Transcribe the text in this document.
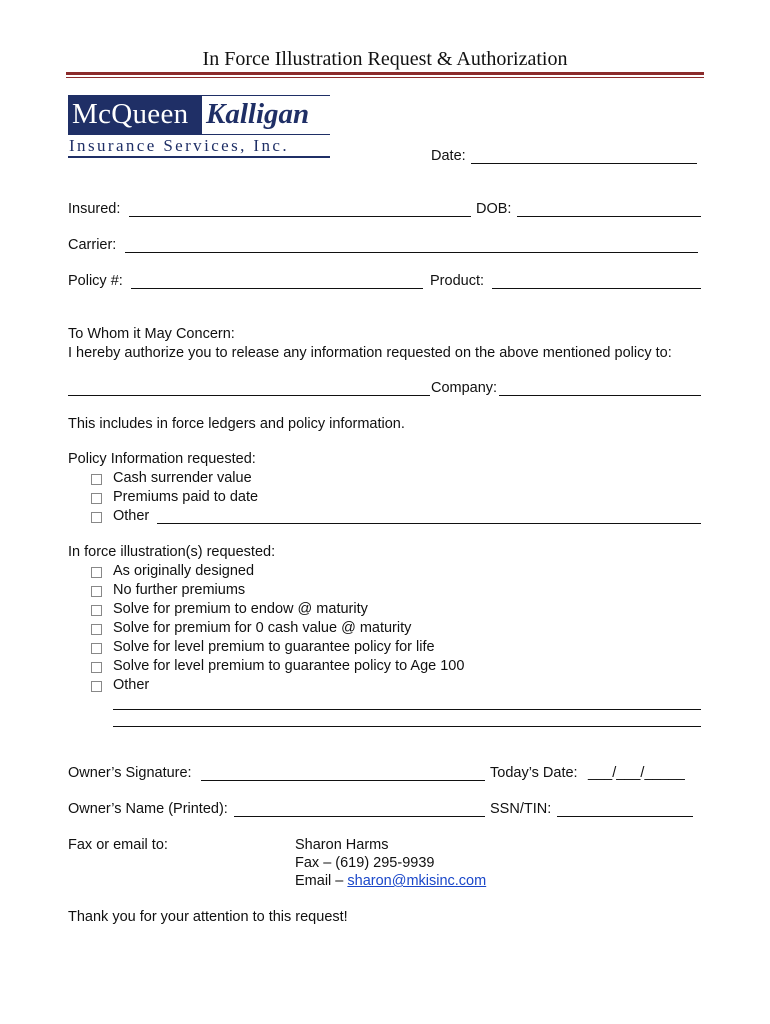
In Force Illustration Request & Authorization
McQueen Kalligan
Insurance Services, Inc.
Date:
Insured:	DOB:
Carrier:
Policy #:	Product:
To Whom it May Concern:
I hereby authorize you to release any information requested on the above mentioned policy to:
Company:
This includes in force ledgers and policy information.
Policy Information requested:
Cash surrender value
Premiums paid to date
Other
In force illustration(s) requested:
As originally designed
No further premiums
Solve for premium to endow @ maturity
Solve for premium for 0 cash value @ maturity
Solve for level premium to guarantee policy for life
Solve for level premium to guarantee policy to Age 100
Other
Owner’s Signature:	Today’s Date: ___/___/_____
Owner’s Name (Printed):	SSN/TIN:
Fax or email to:	Sharon Harms
Fax – (619) 295-9939
Email – sharon@mkisinc.com
Thank you for your attention to this request!
